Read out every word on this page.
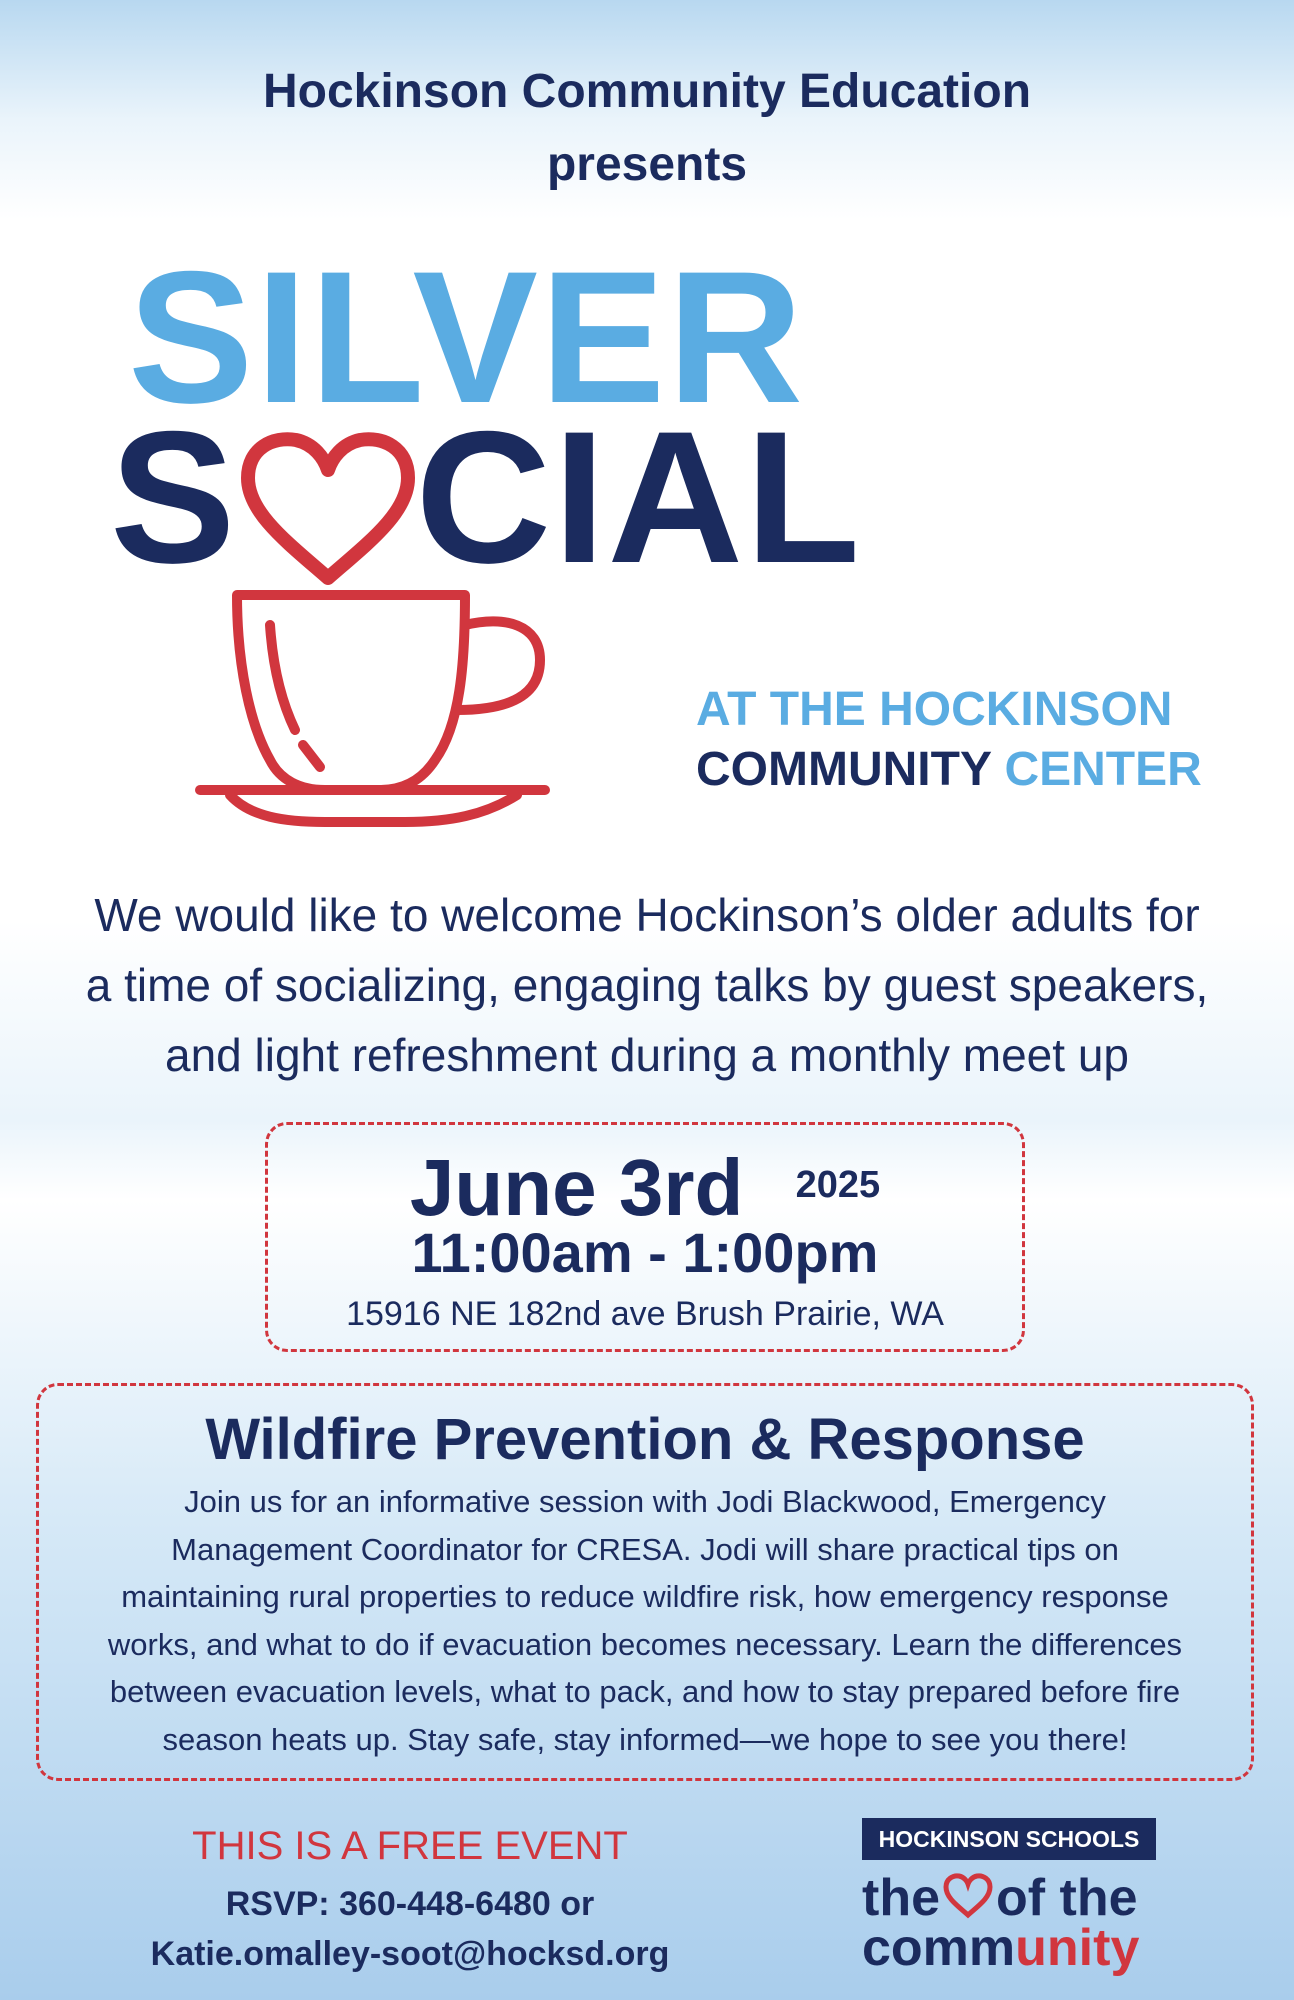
Hockinson Community Education
presents
SILVER
S CIAL
AT THE HOCKINSON
COMMUNITY CENTER
We would like to welcome Hockinson’s older adults for
a time of socializing, engaging talks by guest speakers,
and light refreshment during a monthly meet up
June 3rd $^{2025}$
11:00am - 1:00pm
15916 NE 182nd ave Brush Prairie, WA
Wildfire Prevention & Response
Join us for an informative session with Jodi Blackwood, Emergency
Management Coordinator for CRESA. Jodi will share practical tips on
maintaining rural properties to reduce wildfire risk, how emergency response
works, and what to do if evacuation becomes necessary. Learn the differences
between evacuation levels, what to pack, and how to stay prepared before fire
season heats up. Stay safe, stay informed—we hope to see you there!
THIS IS A FREE EVENT
RSVP: 360-448-6480 or
Katie.omalley-soot@hocksd.org
HOCKINSON SCHOOLS
the of the
community
